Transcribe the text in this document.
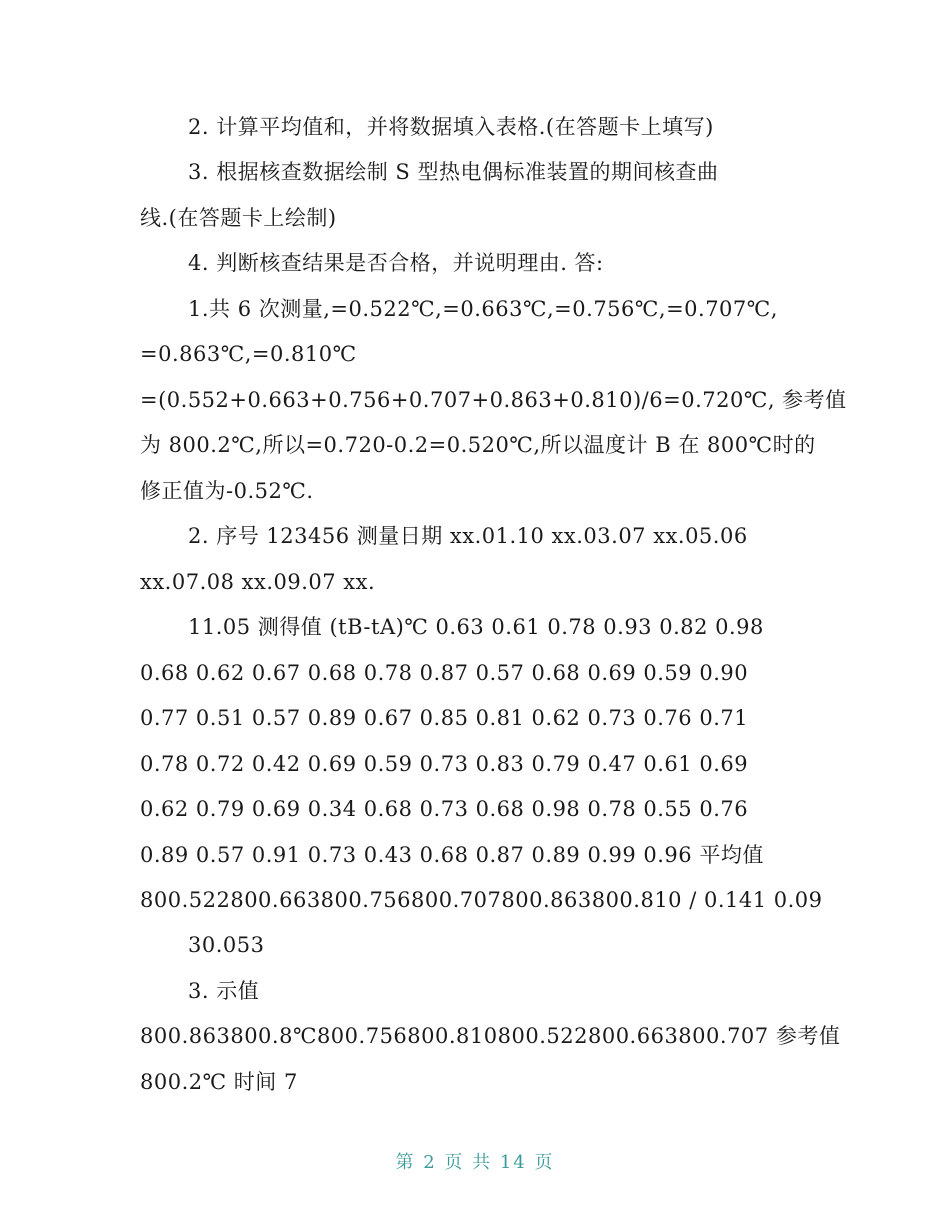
2. 计算平均值和，并将数据填入表格.(在答题卡上填写)
3. 根据核查数据绘制 S 型热电偶标准装置的期间核查曲
线.(在答题卡上绘制)
4. 判断核查结果是否合格，并说明理由. 答:
1.共 6 次测量,=0.522℃,=0.663℃,=0.756℃,=0.707℃,
=0.863℃,=0.810℃
=(0.552+0.663+0.756+0.707+0.863+0.810)/6=0.720℃, 参考值
为 800.2℃,所以=0.720-0.2=0.520℃,所以温度计 B 在 800℃时的
修正值为-0.52℃.
2. 序号 123456 测量日期 xx.01.10 xx.03.07 xx.05.06
xx.07.08 xx.09.07 xx.
11.05 测得值 (tB-tA)℃ 0.63 0.61 0.78 0.93 0.82 0.98
0.68 0.62 0.67 0.68 0.78 0.87 0.57 0.68 0.69 0.59 0.90
0.77 0.51 0.57 0.89 0.67 0.85 0.81 0.62 0.73 0.76 0.71
0.78 0.72 0.42 0.69 0.59 0.73 0.83 0.79 0.47 0.61 0.69
0.62 0.79 0.69 0.34 0.68 0.73 0.68 0.98 0.78 0.55 0.76
0.89 0.57 0.91 0.73 0.43 0.68 0.87 0.89 0.99 0.96 平均值
800.522800.663800.756800.707800.863800.810 / 0.141 0.09
30.053
3. 示值
800.863800.8℃800.756800.810800.522800.663800.707 参考值
800.2℃ 时间 7
第 2 页 共 14 页
